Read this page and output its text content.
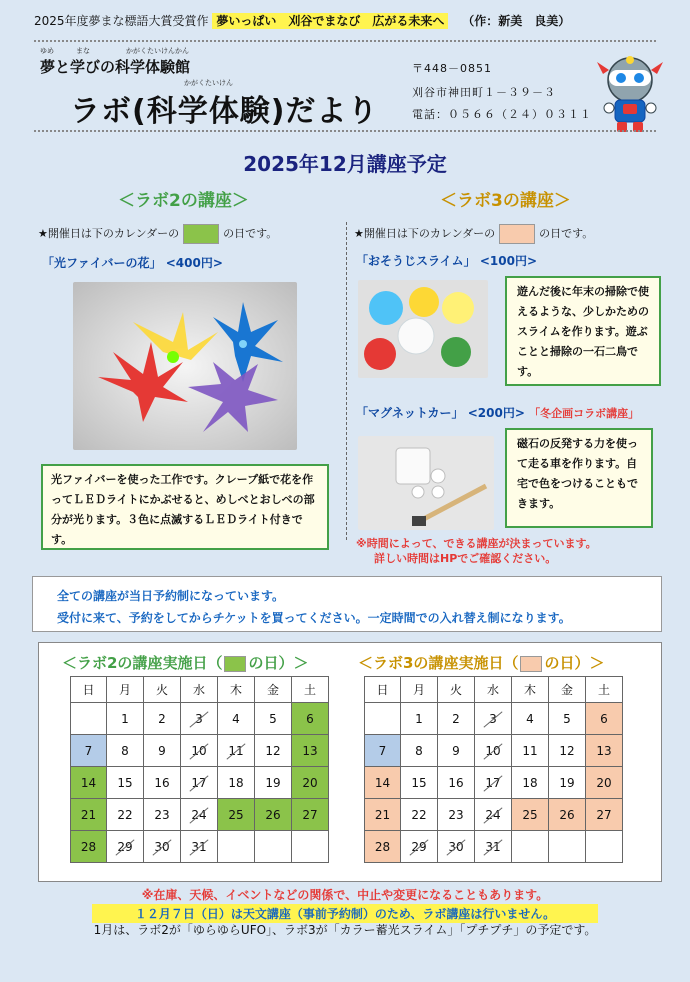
2025年度夢まな標語大賞受賞作 夢いっぱい　刈谷でまなび　広がる未来へ （作：新美　良美）
ゆめ	まな	かがくたいけんかん
夢と学びの科学体験館
かがくたいけん
ラボ(科学体験)だより
〒448－0851
刈谷市神田町１－３９－３
電話：０５６６（２４）０３１１
2025年12月講座予定
＜ラボ2の講座＞
★開催日は下のカレンダーの	の日です。
「光ファイバーの花」 <400円>
光ファイバーを使った工作です。クレープ紙で花を作ってＬＥＤライトにかぶせると、めしべとおしべの部分が光ります。３色に点滅するＬＥＤライト付きです。
＜ラボ3の講座＞
★開催日は下のカレンダーの	の日です。
「おそうじスライム」 <100円>
遊んだ後に年末の掃除で使えるような、少しかためのスライムを作ります。遊ぶことと掃除の一石二鳥です。
「マグネットカー」 <200円> 「冬企画コラボ講座」
磁石の反発する力を使って走る車を作ります。自宅で色をつけることもできます。
※時間によって、できる講座が決まっています。
詳しい時間はHPでご確認ください。
全ての講座が当日予約制になっています。
受付に来て、予約をしてからチケットを買ってください。一定時間での入れ替え制になります。
＜ラボ2の講座実施日（ の日）＞	＜ラボ3の講座実施日（ の日）＞
日	月	火	水	木	金	土
	1	2	3	4	5	6
7	8	9	10	11	12	13
14	15	16	17	18	19	20
21	22	23	24	25	26	27
28	29	30	31			
日	月	火	水	木	金	土
	1	2	3	4	5	6
7	8	9	10	11	12	13
14	15	16	17	18	19	20
21	22	23	24	25	26	27
28	29	30	31			
※在庫、天候、イベントなどの関係で、中止や変更になることもあります。
１２月７日（日）は天文講座（事前予約制）のため、ラボ講座は行いません。
1月は、ラボ2が「ゆらゆらUFO」、ラボ3が「カラー蓄光スライム」「プチプチ」の予定です。
